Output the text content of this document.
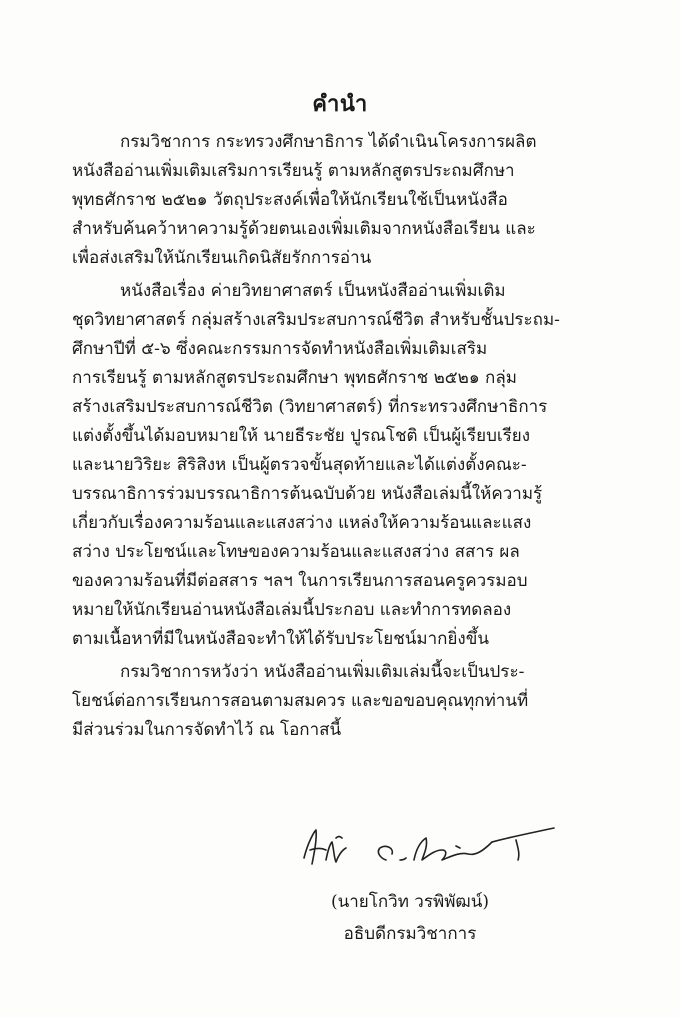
คำนำ

กรมวิชาการ กระทรวงศึกษาธิการ ได้ดำเนินโครงการผลิต
หนังสืออ่านเพิ่มเติมเสริมการเรียนรู้ ตามหลักสูตรประถมศึกษา
พุทธศักราช ๒๕๒๑ วัตถุประสงค์เพื่อให้นักเรียนใช้เป็นหนังสือ
สำหรับค้นคว้าหาความรู้ด้วยตนเองเพิ่มเติมจากหนังสือเรียน และ
เพื่อส่งเสริมให้นักเรียนเกิดนิสัยรักการอ่าน

หนังสือเรื่อง ค่ายวิทยาศาสตร์ เป็นหนังสืออ่านเพิ่มเติม
ชุดวิทยาศาสตร์ กลุ่มสร้างเสริมประสบการณ์ชีวิต สำหรับชั้นประถม-
ศึกษาปีที่ ๕-๖ ซึ่งคณะกรรมการจัดทำหนังสือเพิ่มเติมเสริม
การเรียนรู้ ตามหลักสูตรประถมศึกษา พุทธศักราช ๒๕๒๑ กลุ่ม
สร้างเสริมประสบการณ์ชีวิต (วิทยาศาสตร์) ที่กระทรวงศึกษาธิการ
แต่งตั้งขึ้นได้มอบหมายให้ นายธีระชัย ปูรณโชติ เป็นผู้เรียบเรียง
และนายวิริยะ สิริสิงห เป็นผู้ตรวจขั้นสุดท้ายและได้แต่งตั้งคณะ-
บรรณาธิการร่วมบรรณาธิการต้นฉบับด้วย หนังสือเล่มนี้ให้ความรู้
เกี่ยวกับเรื่องความร้อนและแสงสว่าง แหล่งให้ความร้อนและแสง
สว่าง ประโยชน์และโทษของความร้อนและแสงสว่าง สสาร ผล
ของความร้อนที่มีต่อสสาร ฯลฯ ในการเรียนการสอนครูควรมอบ
หมายให้นักเรียนอ่านหนังสือเล่มนี้ประกอบ และทำการทดลอง
ตามเนื้อหาที่มีในหนังสือจะทำให้ได้รับประโยชน์มากยิ่งขึ้น

กรมวิชาการหวังว่า หนังสืออ่านเพิ่มเติมเล่มนี้จะเป็นประ-
โยชน์ต่อการเรียนการสอนตามสมควร และขอขอบคุณทุกท่านที่
มีส่วนร่วมในการจัดทำไว้ ณ โอกาสนี้

(นายโกวิท วรพิพัฒน์)
อธิบดีกรมวิชาการ
